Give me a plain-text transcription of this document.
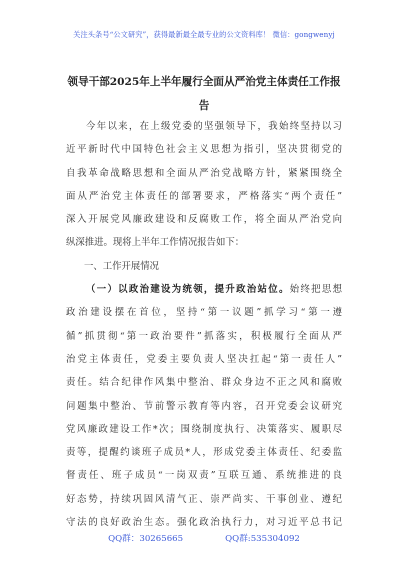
关注头条号“公文研究”，获得最新最全最专业的公文资料库！ 微信：gongwenyj
领导干部2025年上半年履行全面从严治党主体责任工作报
告
今年以来，在上级党委的坚强领导下，我始终坚持以习
近平新时代中国特色社会主义思想为指引，坚决贯彻党的
自我革命战略思想和全面从严治党战略方针，紧紧围绕全
面从严治党主体责任的部署要求，严格落实“两个责任”
深入开展党风廉政建设和反腐败工作，将全面从严治党向
纵深推进。现将上半年工作情况报告如下：
一、工作开展情况
（一）以政治建设为统领，提升政治站位。始终把思想
政治建设摆在首位，坚持“第一议题”抓学习“第一遵
循”抓贯彻“第一政治要件”抓落实，积极履行全面从严
治党主体责任，党委主要负责人坚决扛起“第一责任人”
责任。结合纪律作风集中整治、群众身边不正之风和腐败
问题集中整治、节前警示教育等内容，召开党委会议研究
党风廉政建设工作*次；围绕制度执行、决策落实、履职尽
责等，提醒约谈班子成员*人，形成党委主体责任、纪委监
督责任、班子成员“一岗双责”互联互通、系统推进的良
好态势，持续巩固风清气正、崇严尚实、干事创业、遵纪
守法的良好政治生态。强化政治执行力，对习近平总书记
QQ群：30265665	QQ群:535304092
